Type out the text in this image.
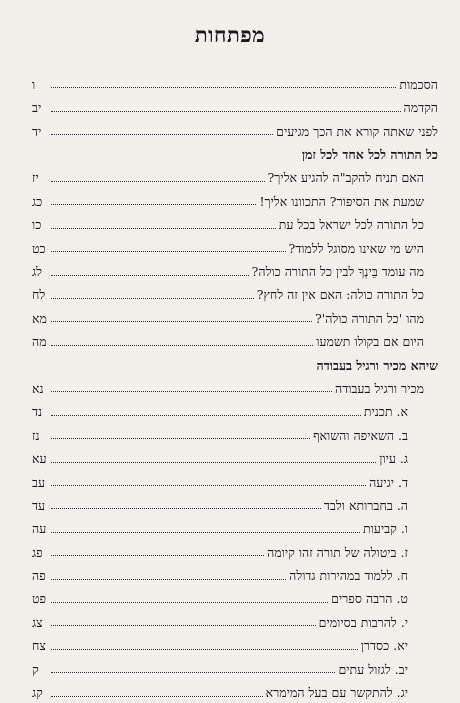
מפתחות
הסכמות
ו
הקדמה
יב
לפני שאתה קורא את הכך מגיעים
יד
כל התורה לכל אחד לכל זמן
האם תניח להקב"ה להגיע אליך?
יז
שמעת את הסיפור? התכוונו אליך!
כג
כל התורה לכל ישראל בכל עת
כו
היש מי שאינו מסוגל ללמוד?
כט
מה עומד בֵּינְךָ לבין כל התורה כולה?
לג
כל התורה כולה: האם אין זה לחץ?
לח
מהו 'כל התורה כולה'?
מא
היום אם בקולו תשמעו
מה
שיהא מכיר ורגיל בעבודה
מכיר ורגיל בעבודה
נא
א. תכנית
נד
ב. השאיפה והשואף
נז
ג. עיון
עא
ד. יגיעה
עב
ה. בחברותא ולבד
עד
ו. קביעות
עה
ז. ביטולה של תורה זהו קיומה
פג
ח. ללמוד במהירות גדולה
פה
ט. הרבה ספרים
פט
י. להרבות בסיומים
צג
יא. כסדרן
צח
יב. לגזול עתים
ק
יג. להתקשר עם בעל המימרא
קג
